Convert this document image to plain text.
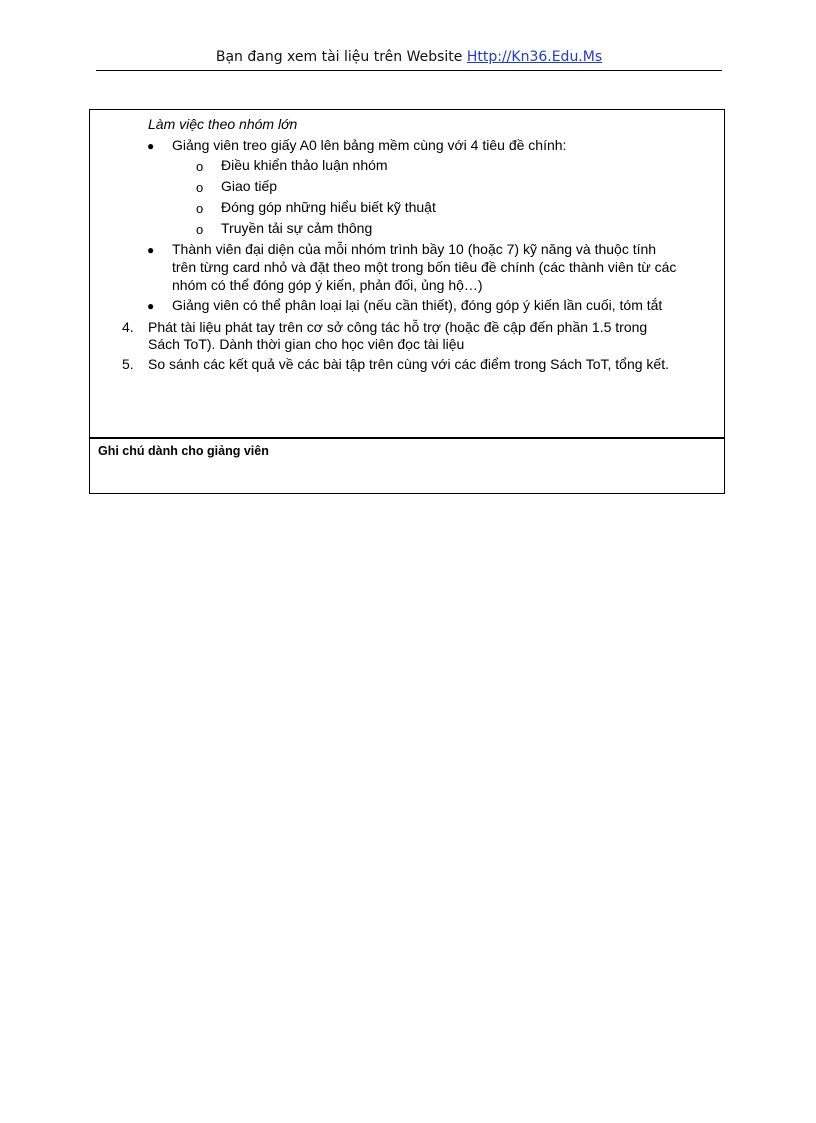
Bạn đang xem tài liệu trên Website Http://Kn36.Edu.Ms
Làm việc theo nhóm lớn
● Giảng viên treo giấy A0 lên bảng mềm cùng với 4 tiêu đề chính:
o Điều khiển thảo luận nhóm
o Giao tiếp
o Đóng góp những hiểu biết kỹ thuật
o Truyền tải sự cảm thông
● Thành viên đại diện của mỗi nhóm trình bầy 10 (hoặc 7) kỹ năng và thuộc tính
trên từng card nhỏ và đặt theo một trong bốn tiêu đề chính (các thành viên từ các
nhóm có thể đóng góp ý kiến, phản đối, ủng hộ…)
● Giảng viên có thể phân loại lại (nếu cần thiết), đóng góp ý kiến lần cuối, tóm tắt
4. Phát tài liệu phát tay trên cơ sở công tác hỗ trợ (hoặc đề cập đến phần 1.5 trong
Sách ToT). Dành thời gian cho học viên đọc tài liệu
5. So sánh các kết quả về các bài tập trên cùng với các điểm trong Sách ToT, tổng kết.
Ghi chú dành cho giảng viên
